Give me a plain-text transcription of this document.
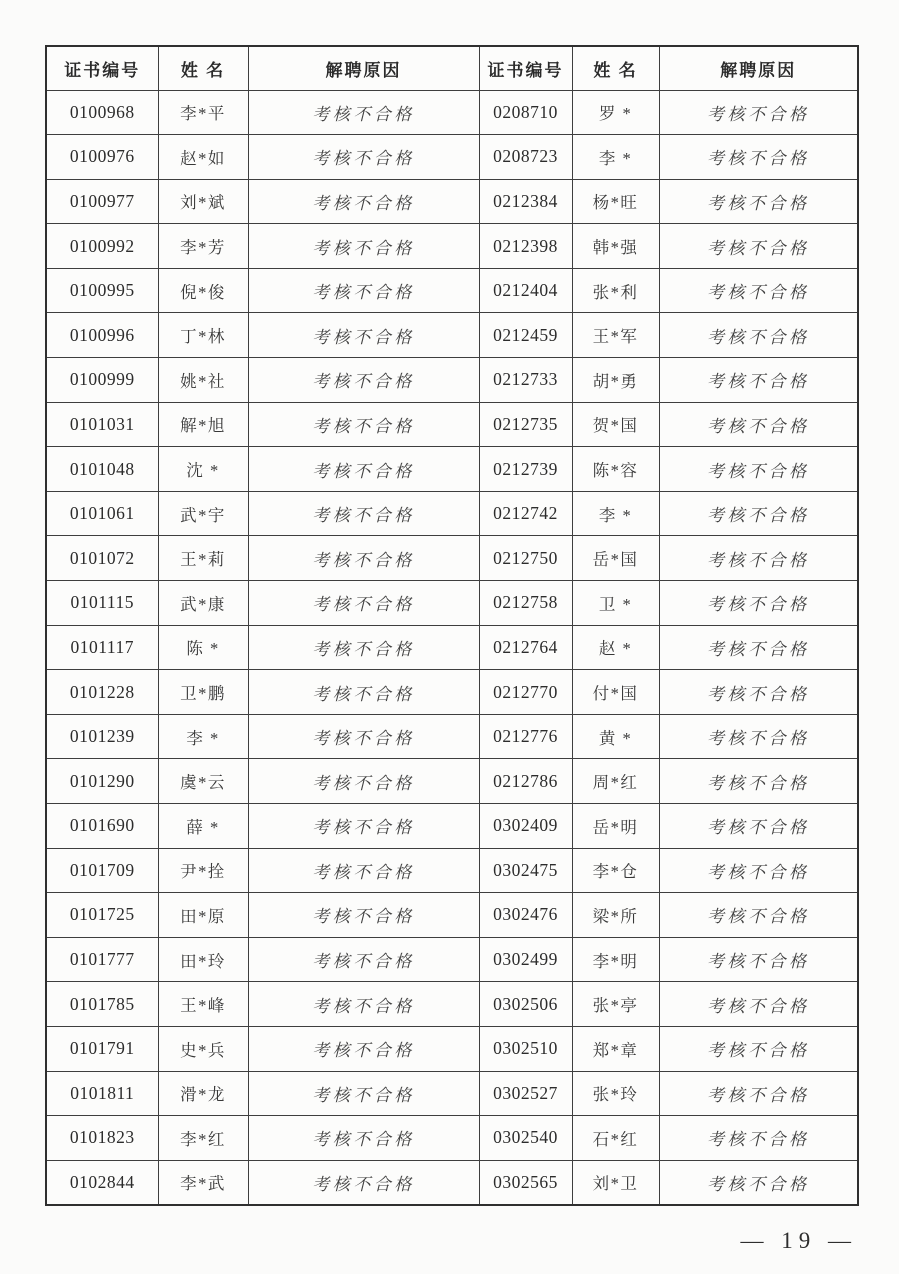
证书编号	姓 名	解聘原因	证书编号	姓 名	解聘原因
0100968	李*平	考核不合格	0208710	罗 *	考核不合格
0100976	赵*如	考核不合格	0208723	李 *	考核不合格
0100977	刘*斌	考核不合格	0212384	杨*旺	考核不合格
0100992	李*芳	考核不合格	0212398	韩*强	考核不合格
0100995	倪*俊	考核不合格	0212404	张*利	考核不合格
0100996	丁*林	考核不合格	0212459	王*军	考核不合格
0100999	姚*社	考核不合格	0212733	胡*勇	考核不合格
0101031	解*旭	考核不合格	0212735	贺*国	考核不合格
0101048	沈 *	考核不合格	0212739	陈*容	考核不合格
0101061	武*宇	考核不合格	0212742	李 *	考核不合格
0101072	王*莉	考核不合格	0212750	岳*国	考核不合格
0101115	武*康	考核不合格	0212758	卫 *	考核不合格
0101117	陈 *	考核不合格	0212764	赵 *	考核不合格
0101228	卫*鹏	考核不合格	0212770	付*国	考核不合格
0101239	李 *	考核不合格	0212776	黄 *	考核不合格
0101290	虞*云	考核不合格	0212786	周*红	考核不合格
0101690	薛 *	考核不合格	0302409	岳*明	考核不合格
0101709	尹*拴	考核不合格	0302475	李*仓	考核不合格
0101725	田*原	考核不合格	0302476	梁*所	考核不合格
0101777	田*玲	考核不合格	0302499	李*明	考核不合格
0101785	王*峰	考核不合格	0302506	张*亭	考核不合格
0101791	史*兵	考核不合格	0302510	郑*章	考核不合格
0101811	滑*龙	考核不合格	0302527	张*玲	考核不合格
0101823	李*红	考核不合格	0302540	石*红	考核不合格
0102844	李*武	考核不合格	0302565	刘*卫	考核不合格
— 19 —
